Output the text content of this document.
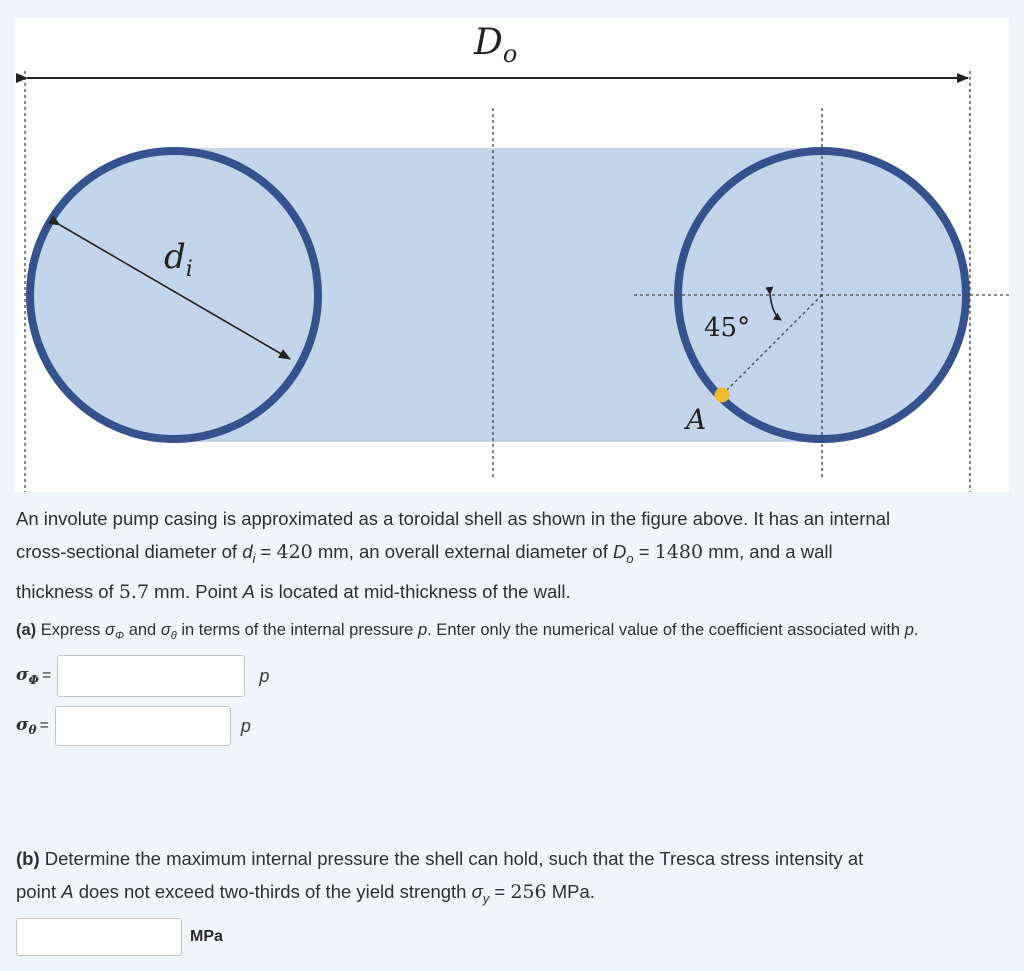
$D_o$
$d_i$
45°
A
An involute pump casing is approximated as a toroidal shell as shown in the figure above. It has an internal
cross-sectional diameter of $d_i = 420$ mm, an overall external diameter of $D_o = 1480$ mm, and a wall
thickness of 5.7 mm. Point A is located at mid-thickness of the wall.
(a) Express $\sigma_\Phi$ and $\sigma_\theta$ in terms of the internal pressure p. Enter only the numerical value of the coefficient associated with p.
$\sigma_\Phi$ =	p
$\sigma_\theta$ =	p
(b) Determine the maximum internal pressure the shell can hold, such that the Tresca stress intensity at
point A does not exceed two-thirds of the yield strength $\sigma_y = 256$ MPa.
MPa
